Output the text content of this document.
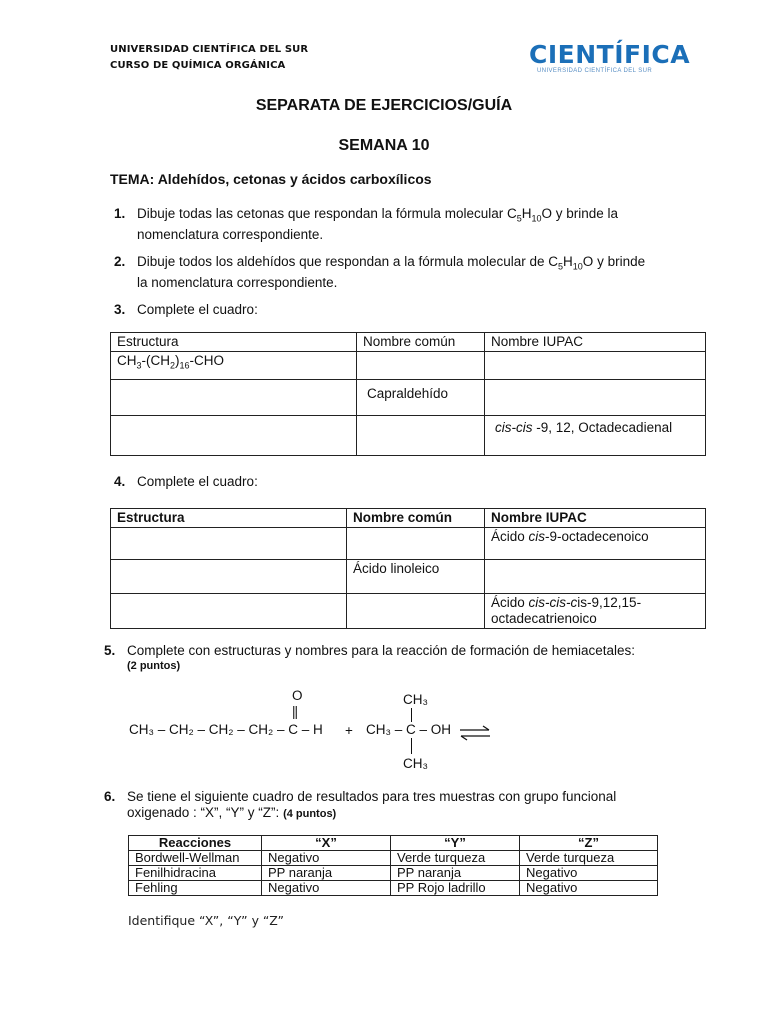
UNIVERSIDAD CIENTÍFICA DEL SUR
CURSO DE QUÍMICA ORGÁNICA	CIENTÍFICA
UNIVERSIDAD CIENTÍFICA DEL SUR
SEPARATA DE EJERCICIOS/GUÍA
SEMANA 10
TEMA: Aldehídos, cetonas y ácidos carboxílicos
1. Dibuje todas las cetonas que respondan la fórmula molecular $C_5H_{10}O$ y brinde la
nomenclatura correspondiente.
2. Dibuje todos los aldehídos que respondan a la fórmula molecular de $C_5H_{10}O$ y brinde
la nomenclatura correspondiente.
3. Complete el cuadro:
Estructura	Nombre común	Nombre IUPAC
$CH_3-(CH_2)_{16}$-CHO		
	Capraldehído	
		cis-cis -9, 12, Octadecadienal
4. Complete el cuadro:
Estructura	Nombre común	Nombre IUPAC
		Ácido cis-9-octadecenoico
	Ácido linoleico	
		Ácido cis-cis-cis-9,12,15-
octadecatrienoico
5. Complete con estructuras y nombres para la reacción de formación de hemiacetales:
(2 puntos)
O
||
CH₃ – CH₂ – CH₂ – CH₂ – C – H +
CH₃
CH₃ – C – OH
CH₃
6. Se tiene el siguiente cuadro de resultados para tres muestras con grupo funcional
oxigenado : “X”, “Y” y “Z”: (4 puntos)
Reacciones	“X”	“Y”	“Z”
Bordwell-Wellman	Negativo	Verde turqueza	Verde turqueza
Fenilhidracina	PP naranja	PP naranja	Negativo
Fehling	Negativo	PP Rojo ladrillo	Negativo
Identifique “X”, “Y” y “Z”
